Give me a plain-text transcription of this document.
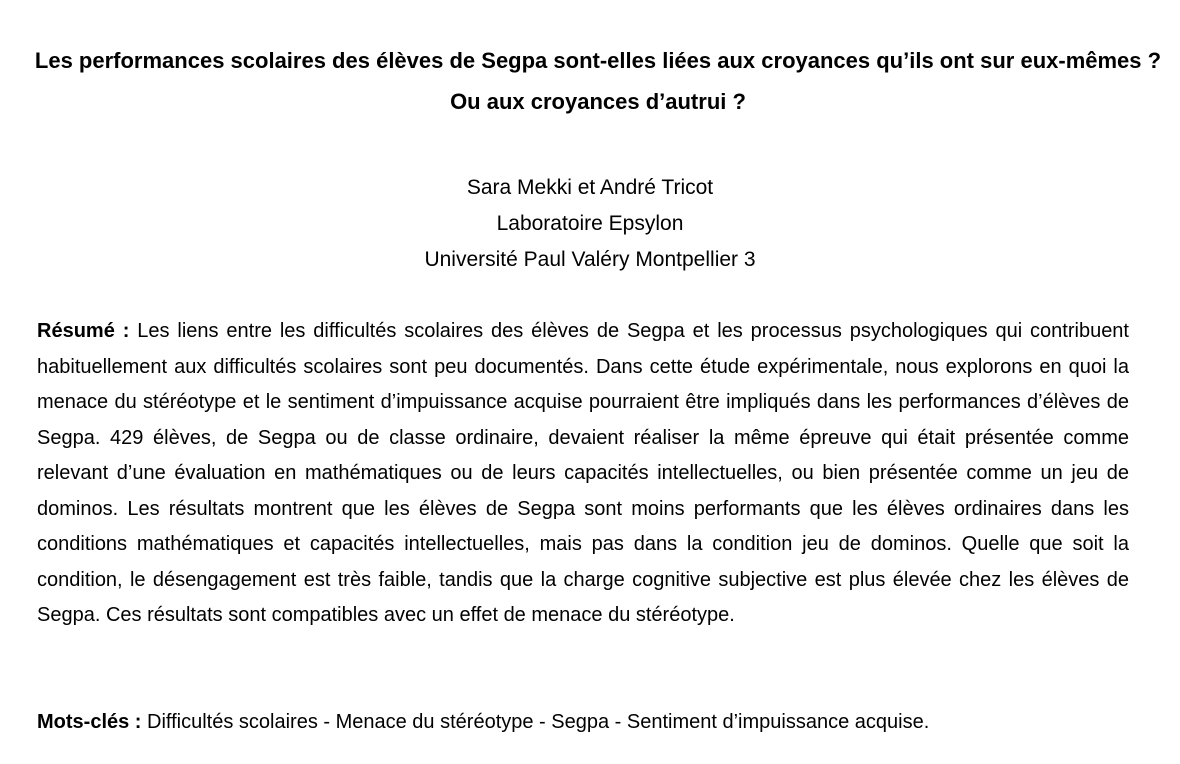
Les performances scolaires des élèves de Segpa sont-elles liées aux croyances qu’ils ont sur eux-mêmes ? Ou aux croyances d’autrui ?
Sara Mekki et André Tricot
Laboratoire Epsylon
Université Paul Valéry Montpellier 3

Résumé : Les liens entre les difficultés scolaires des élèves de Segpa et les processus psychologiques qui contribuent habituellement aux difficultés scolaires sont peu documentés. Dans cette étude expérimentale, nous explorons en quoi la menace du stéréotype et le sentiment d’impuissance acquise pourraient être impliqués dans les performances d’élèves de Segpa. 429 élèves, de Segpa ou de classe ordinaire, devaient réaliser la même épreuve qui était présentée comme relevant d’une évaluation en mathématiques ou de leurs capacités intellectuelles, ou bien présentée comme un jeu de dominos. Les résultats montrent que les élèves de Segpa sont moins performants que les élèves ordinaires dans les conditions mathématiques et capacités intellectuelles, mais pas dans la condition jeu de dominos. Quelle que soit la condition, le désengagement est très faible, tandis que la charge cognitive subjective est plus élevée chez les élèves de Segpa. Ces résultats sont compatibles avec un effet de menace du stéréotype.

Mots-clés : Difficultés scolaires - Menace du stéréotype - Segpa - Sentiment d’impuissance acquise.
